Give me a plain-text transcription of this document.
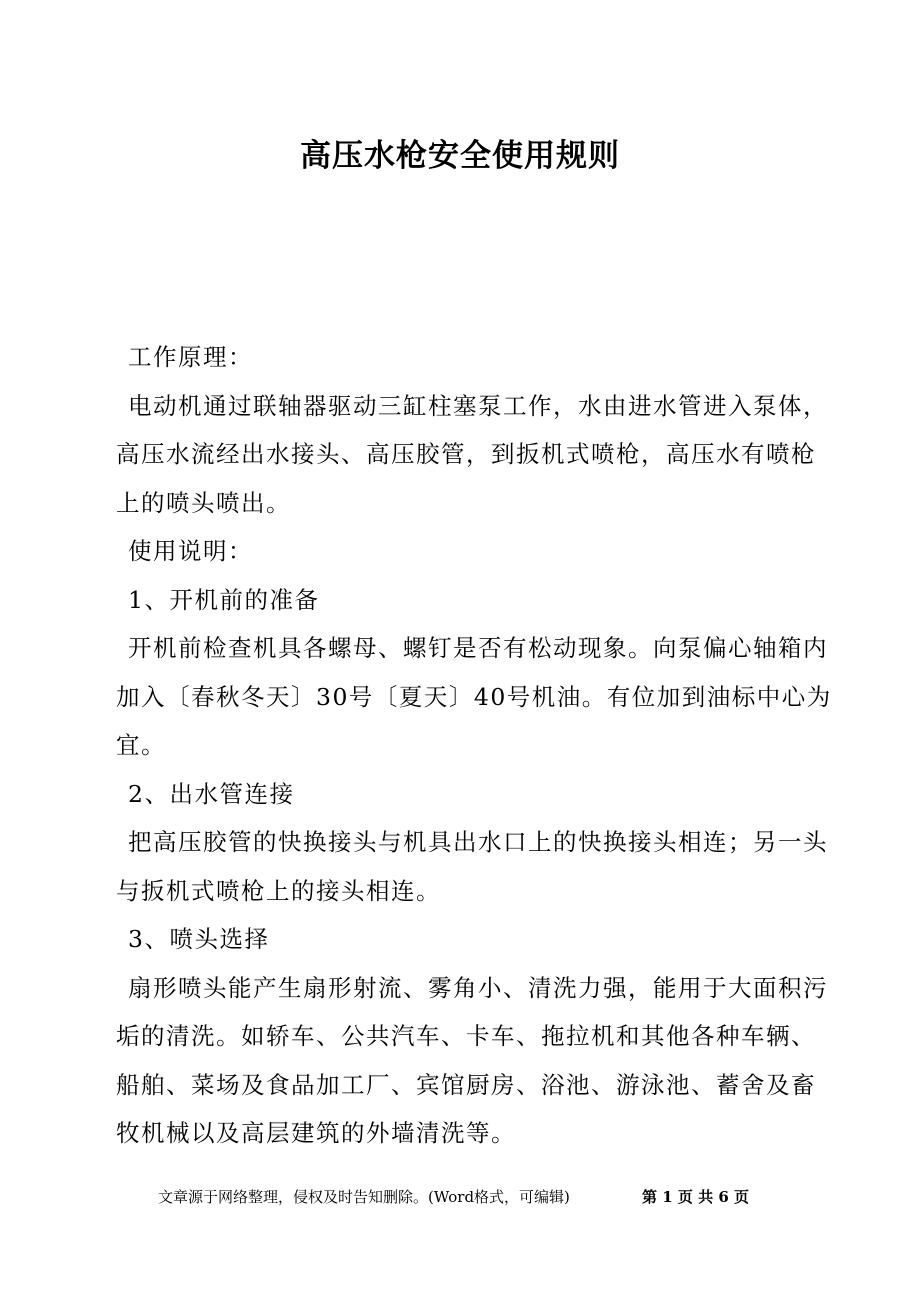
高压水枪安全使用规则

工作原理：

电动机通过联轴器驱动三缸柱塞泵工作，水由进水管进入泵体，高压水流经出水接头、高压胶管，到扳机式喷枪，高压水有喷枪上的喷头喷出。

使用说明：

1、开机前的准备

开机前检查机具各螺母、螺钉是否有松动现象。向泵偏心轴箱内加入〔春秋冬天〕30号〔夏天〕40号机油。有位加到油标中心为宜。

2、出水管连接

把高压胶管的快换接头与机具出水口上的快换接头相连；另一头与扳机式喷枪上的接头相连。

3、喷头选择

扇形喷头能产生扇形射流、雾角小、清洗力强，能用于大面积污垢的清洗。如轿车、公共汽车、卡车、拖拉机和其他各种车辆、船舶、菜场及食品加工厂、宾馆厨房、浴池、游泳池、蓄舍及畜牧机械以及高层建筑的外墙清洗等。

文章源于网络整理，侵权及时告知删除。(Word格式，可编辑)	第 1 页 共 6 页
